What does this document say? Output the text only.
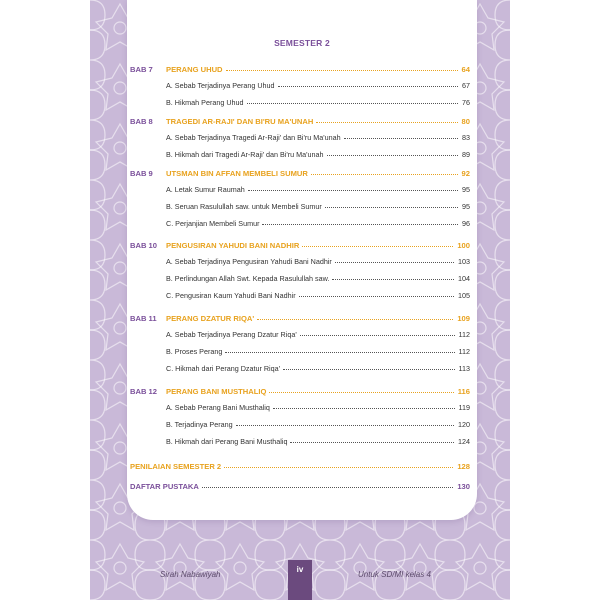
SEMESTER 2
BAB 7	PERANG UHUD	64
A. Sebab Terjadinya Perang Uhud	67
B. Hikmah Perang Uhud	76
BAB 8	TRAGEDI AR-RAJI' DAN BI'RU MA'UNAH	80
A. Sebab Terjadinya Tragedi Ar-Raji' dan Bi'ru Ma'unah	83
B. Hikmah dari Tragedi Ar-Raji' dan Bi'ru Ma'unah	89
BAB 9	UTSMAN BIN AFFAN MEMBELI SUMUR	92
A. Letak Sumur Raumah	95
B. Seruan Rasulullah saw. untuk Membeli Sumur	95
C. Perjanjian Membeli Sumur	96
BAB 10	PENGUSIRAN YAHUDI BANI NADHIR	100
A. Sebab Terjadinya Pengusiran Yahudi Bani Nadhir	103
B. Perlindungan Allah Swt. Kepada Rasulullah saw.	104
C. Pengusiran Kaum Yahudi Bani Nadhir	105
BAB 11	PERANG DZATUR RIQA'	109
A. Sebab Terjadinya Perang Dzatur Riqa'	112
B. Proses Perang	112
C. Hikmah dari Perang Dzatur Riqa'	113
BAB 12	PERANG BANI MUSTHALIQ	116
A. Sebab Perang Bani Musthaliq	119
B. Terjadinya Perang	120
B. Hikmah dari Perang Bani Musthaliq	124
PENILAIAN SEMESTER 2	128
DAFTAR PUSTAKA	130
Sirah Nabawiyah
iv
Untuk SD/MI kelas 4
